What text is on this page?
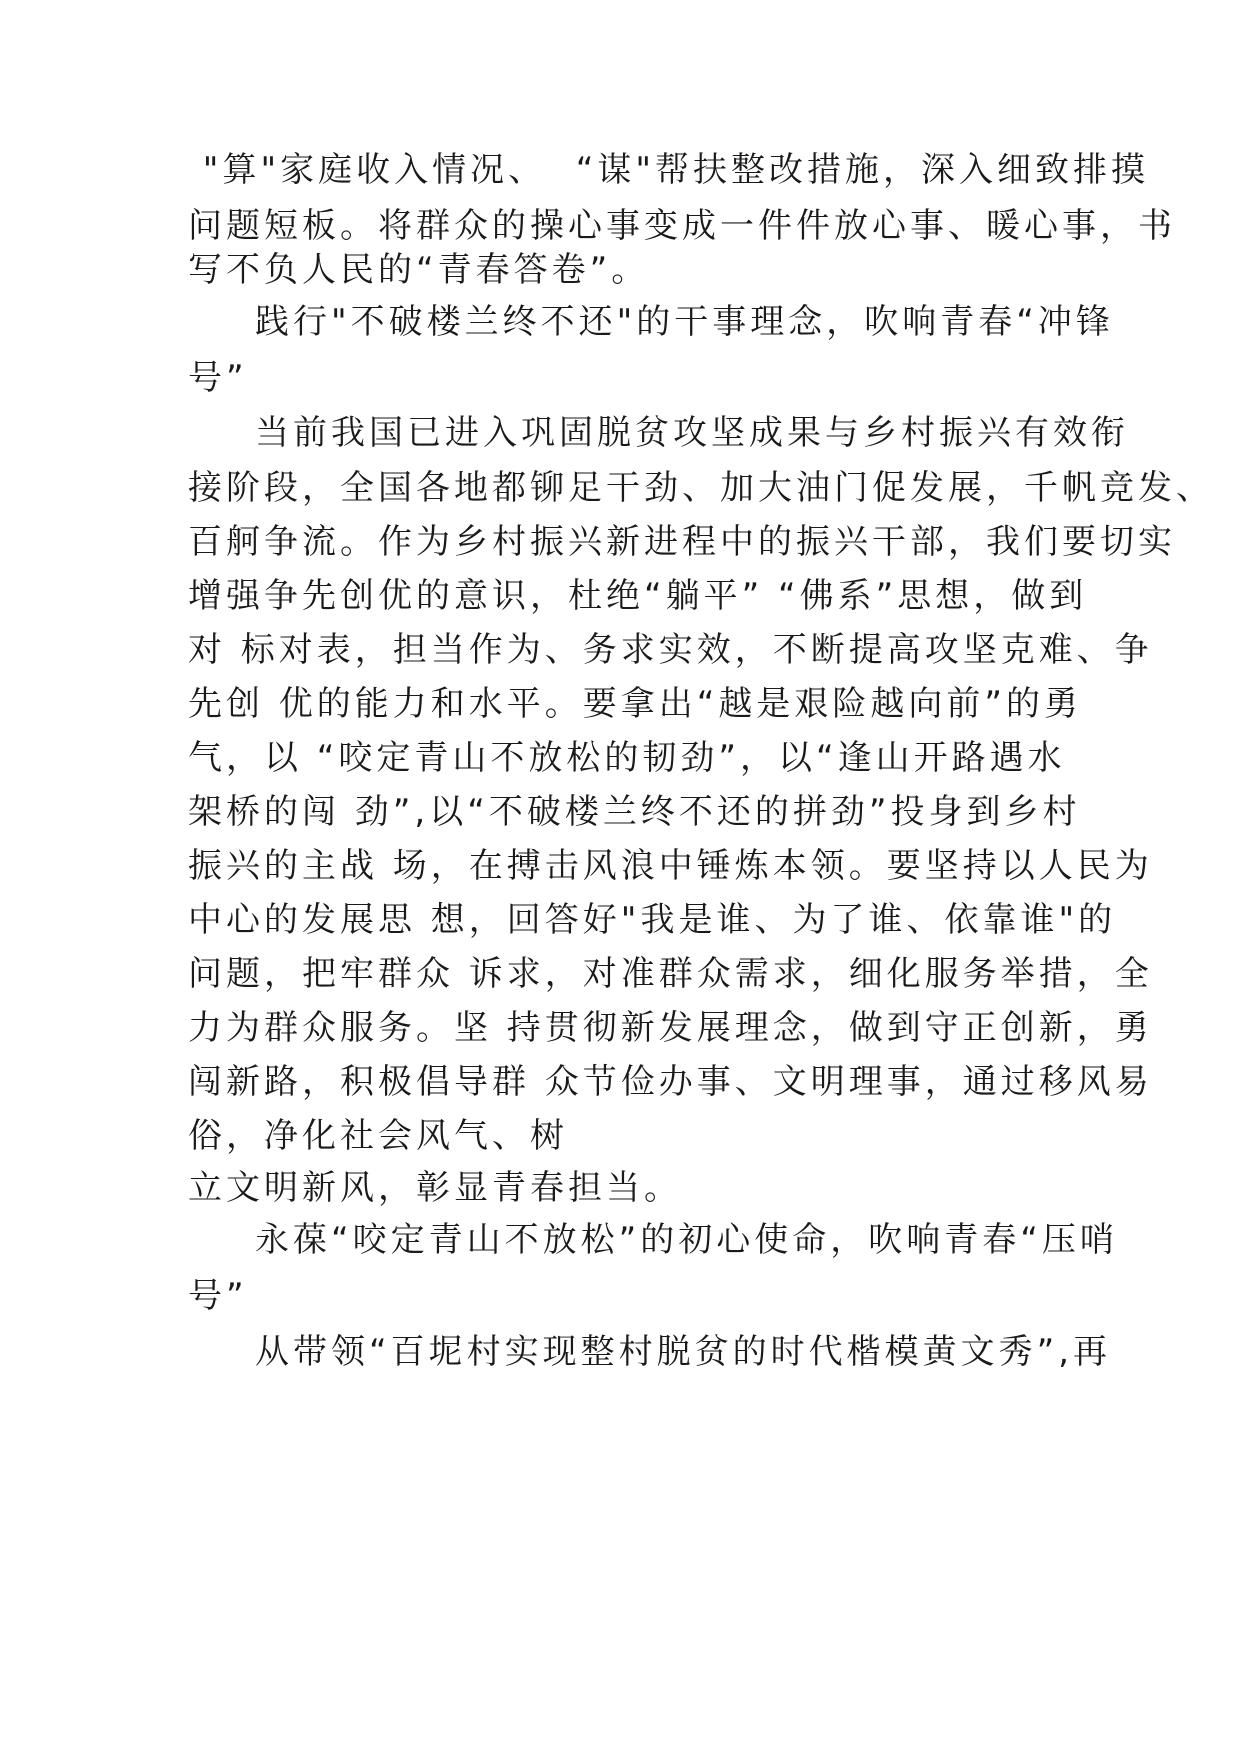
"算"家庭收入情况、  “谋"帮扶整改措施，深入细致排摸
问题短板。将群众的操心事变成一件件放心事、暖心事，书
写不负人民的“青春答卷”。
践行"不破楼兰终不还"的干事理念，吹响青春“冲锋
号”
当前我国已进入巩固脱贫攻坚成果与乡村振兴有效衔
接阶段，全国各地都铆足干劲、加大油门促发展，千帆竞发、
百舸争流。作为乡村振兴新进程中的振兴干部，我们要切实
增强争先创优的意识，杜绝“躺平” “佛系”思想，做到
对 标对表，担当作为、务求实效，不断提高攻坚克难、争
先创 优的能力和水平。要拿出“越是艰险越向前”的勇
气，以 “咬定青山不放松的韧劲”，以“逢山开路遇水
架桥的闯 劲”,以“不破楼兰终不还的拼劲”投身到乡村
振兴的主战 场，在搏击风浪中锤炼本领。要坚持以人民为
中心的发展思 想，回答好"我是谁、为了谁、依靠谁"的
问题，把牢群众 诉求，对准群众需求，细化服务举措，全
力为群众服务。坚 持贯彻新发展理念，做到守正创新，勇
闯新路，积极倡导群 众节俭办事、文明理事，通过移风易
俗，净化社会风气、树
立文明新风，彰显青春担当。
永葆“咬定青山不放松”的初心使命，吹响青春“压哨
号”
从带领“百坭村实现整村脱贫的时代楷模黄文秀”,再
